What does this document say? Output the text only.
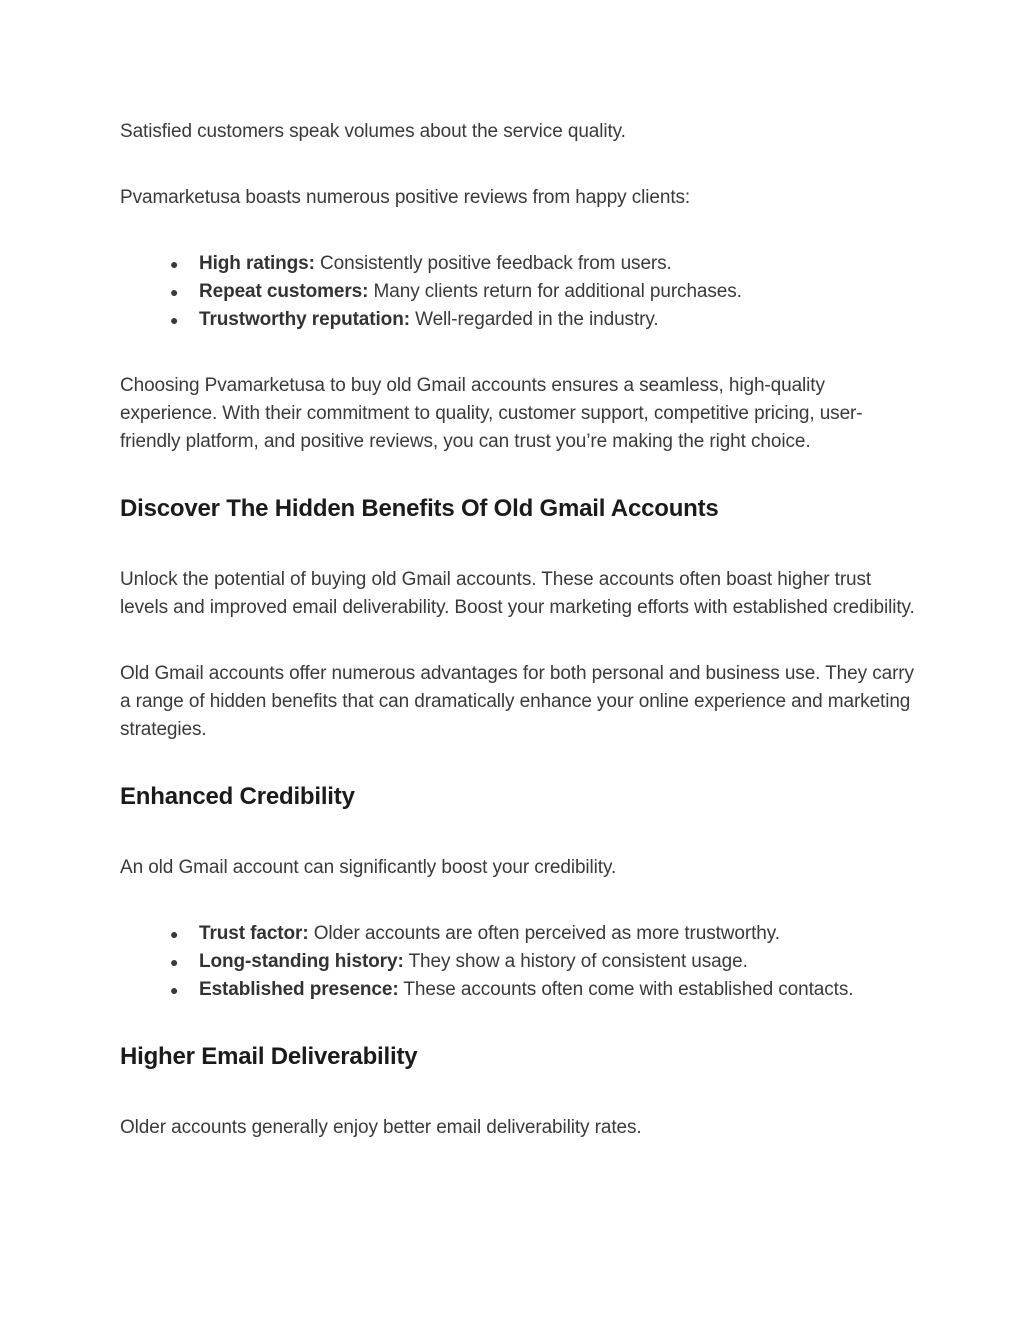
Satisfied customers speak volumes about the service quality.

Pvamarketusa boasts numerous positive reviews from happy clients:

● High ratings: Consistently positive feedback from users.
● Repeat customers: Many clients return for additional purchases.
● Trustworthy reputation: Well-regarded in the industry.

Choosing Pvamarketusa to buy old Gmail accounts ensures a seamless, high-quality experience. With their commitment to quality, customer support, competitive pricing, user-friendly platform, and positive reviews, you can trust you’re making the right choice.

Discover The Hidden Benefits Of Old Gmail Accounts

Unlock the potential of buying old Gmail accounts. These accounts often boast higher trust levels and improved email deliverability. Boost your marketing efforts with established credibility.

Old Gmail accounts offer numerous advantages for both personal and business use. They carry a range of hidden benefits that can dramatically enhance your online experience and marketing strategies.

Enhanced Credibility

An old Gmail account can significantly boost your credibility.

● Trust factor: Older accounts are often perceived as more trustworthy.
● Long-standing history: They show a history of consistent usage.
● Established presence: These accounts often come with established contacts.
Higher Email Deliverability

Older accounts generally enjoy better email deliverability rates.
